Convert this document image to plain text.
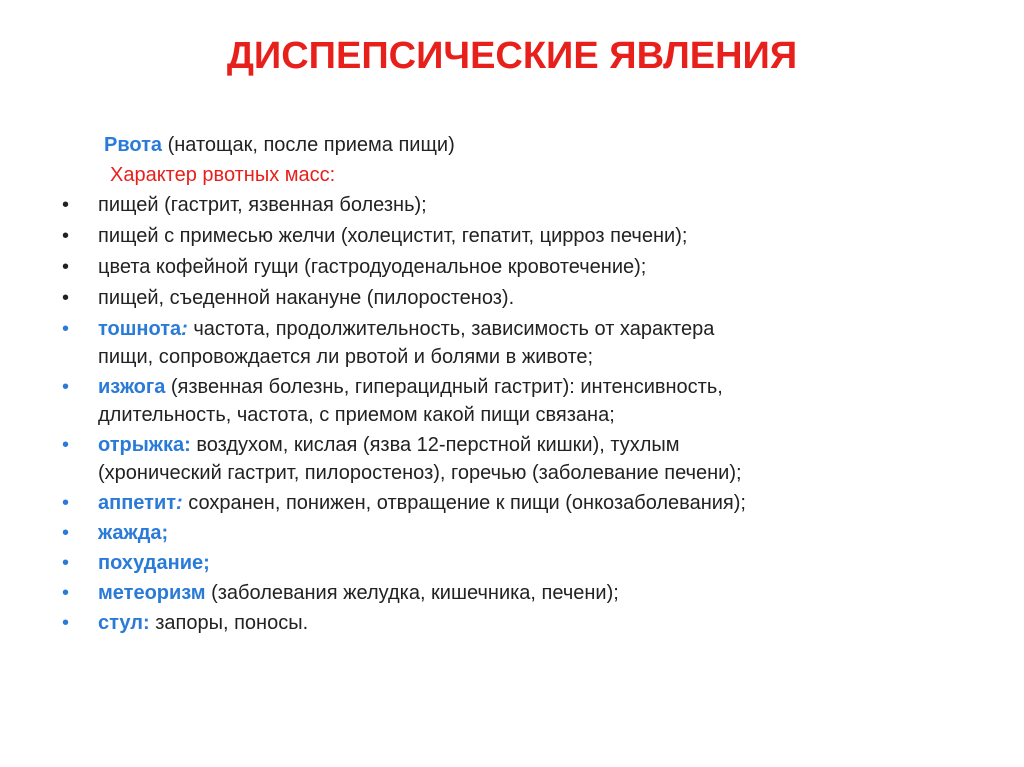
ДИСПЕПСИЧЕСКИЕ ЯВЛЕНИЯ
Рвота (натощак, после приема пищи)
Характер рвотных масс:
•	пищей (гастрит, язвенная болезнь);
•	пищей с примесью желчи (холецистит, гепатит, цирроз печени);
•	цвета кофейной гущи (гастродуоденальное кровотечение);
•	пищей, съеденной накануне (пилоростеноз).
•	тошнота: частота, продолжительность, зависимость от характера
пищи, сопровождается ли рвотой и болями в животе;
•	изжога (язвенная болезнь, гиперацидный гастрит): интенсивность,
длительность, частота, с приемом какой пищи связана;
•	отрыжка: воздухом, кислая (язва 12-перстной кишки), тухлым
(хронический гастрит, пилоростеноз), горечью (заболевание печени);
•	аппетит: сохранен, понижен, отвращение к пищи (онкозаболевания);
•	жажда;
•	похудание;
•	метеоризм (заболевания желудка, кишечника, печени);
•	стул: запоры, поносы.
